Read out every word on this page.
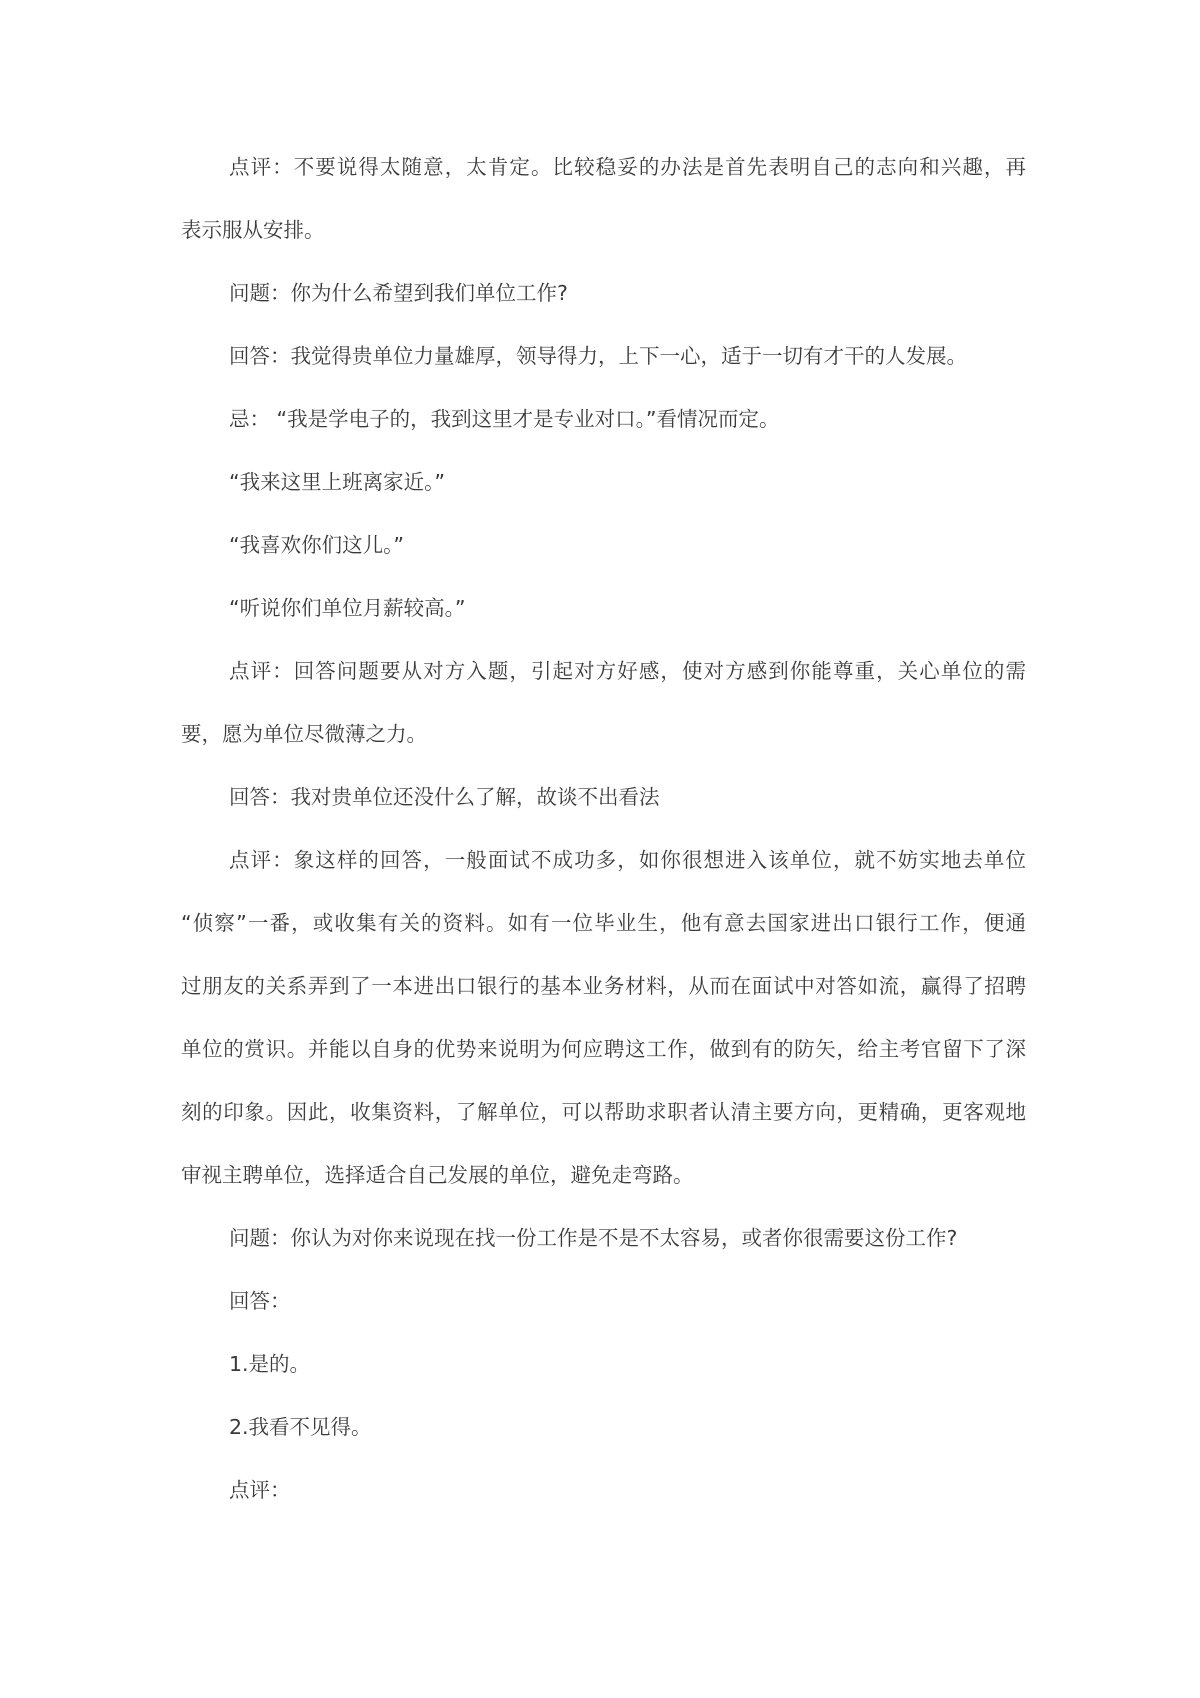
点评：不要说得太随意，太肯定。比较稳妥的办法是首先表明自己的志向和兴趣，再
表示服从安排。
问题：你为什么希望到我们单位工作?
回答：我觉得贵单位力量雄厚，领导得力，上下一心，适于一切有才干的人发展。
忌： “我是学电子的，我到这里才是专业对口。”看情况而定。
“我来这里上班离家近。”
“我喜欢你们这儿。”
“听说你们单位月薪较高。”
点评：回答问题要从对方入题，引起对方好感，使对方感到你能尊重，关心单位的需
要，愿为单位尽微薄之力。
回答：我对贵单位还没什么了解，故谈不出看法
点评：象这样的回答，一般面试不成功多，如你很想进入该单位，就不妨实地去单位
“侦察”一番，或收集有关的资料。如有一位毕业生，他有意去国家进出口银行工作，便通
过朋友的关系弄到了一本进出口银行的基本业务材料，从而在面试中对答如流，赢得了招聘
单位的赏识。并能以自身的优势来说明为何应聘这工作，做到有的防矢，给主考官留下了深
刻的印象。因此，收集资料，了解单位，可以帮助求职者认清主要方向，更精确，更客观地
审视主聘单位，选择适合自己发展的单位，避免走弯路。
问题：你认为对你来说现在找一份工作是不是不太容易，或者你很需要这份工作?
回答：
1.是的。
2.我看不见得。
点评：
